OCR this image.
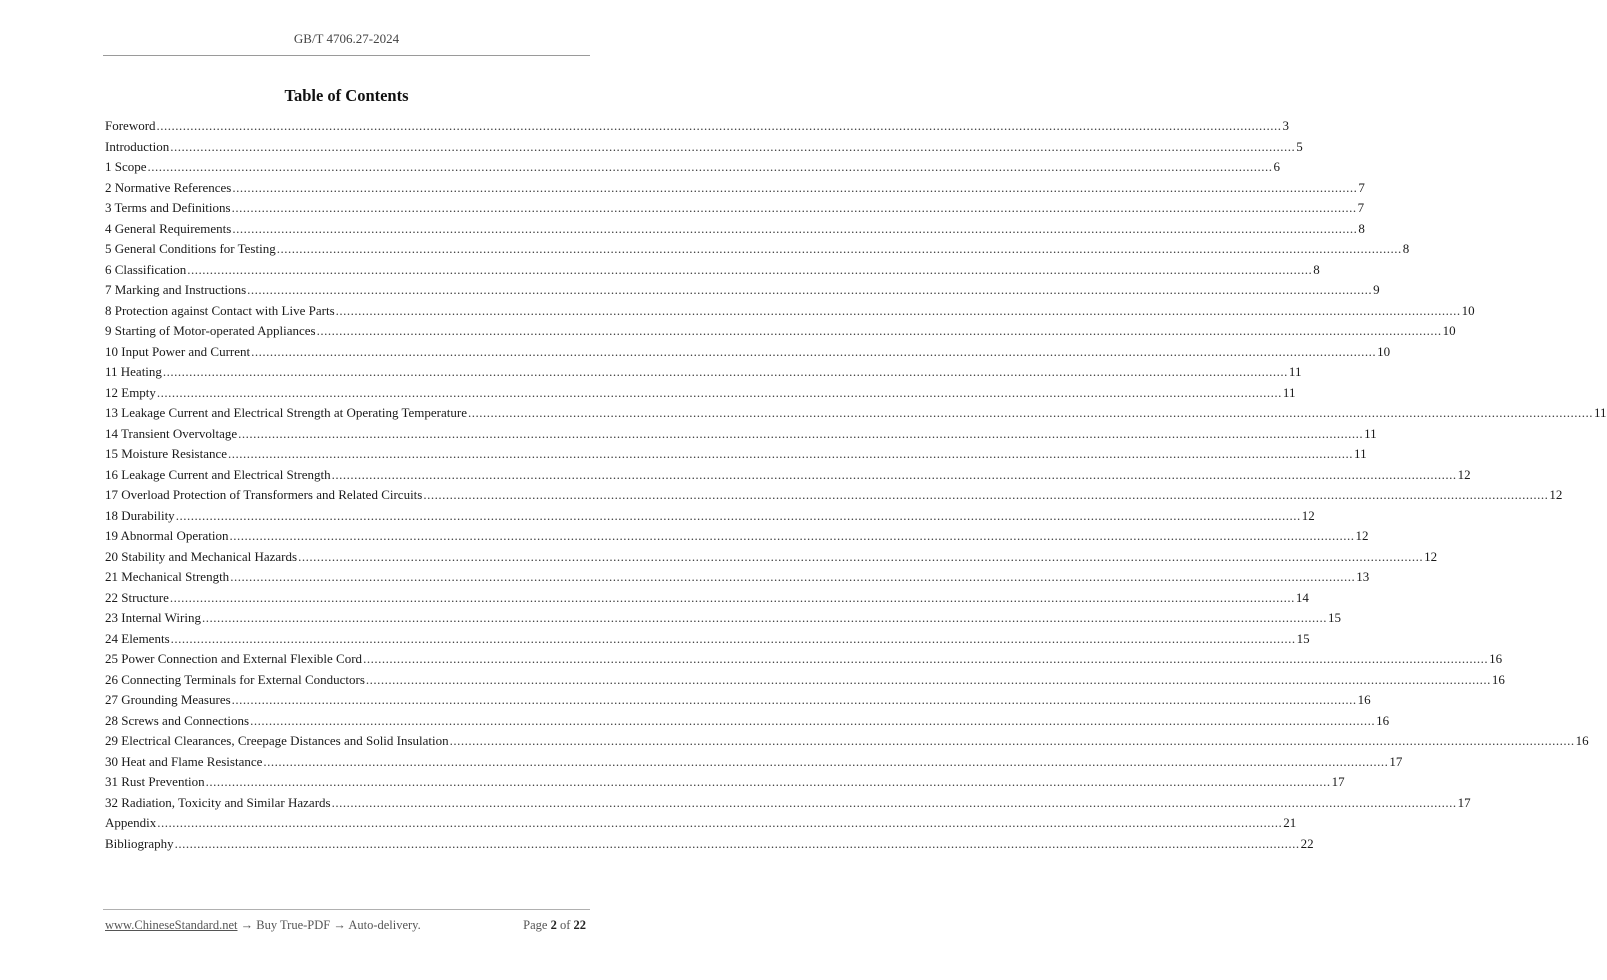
GB/T 4706.27-2024
Table of Contents
Foreword ............................................................................................................................................................................................................................................................................................................ 3
Introduction ............................................................................................................................................................................................................................................................................................................ 5
1 Scope ............................................................................................................................................................................................................................................................................................................ 6
2 Normative References ............................................................................................................................................................................................................................................................................................................ 7
3 Terms and Definitions ............................................................................................................................................................................................................................................................................................................ 7
4 General Requirements ............................................................................................................................................................................................................................................................................................................ 8
5 General Conditions for Testing ............................................................................................................................................................................................................................................................................................................ 8
6 Classification ............................................................................................................................................................................................................................................................................................................ 8
7 Marking and Instructions ............................................................................................................................................................................................................................................................................................................ 9
8 Protection against Contact with Live Parts ............................................................................................................................................................................................................................................................................................................ 10
9 Starting of Motor-operated Appliances ............................................................................................................................................................................................................................................................................................................ 10
10 Input Power and Current ............................................................................................................................................................................................................................................................................................................ 10
11 Heating ............................................................................................................................................................................................................................................................................................................ 11
12 Empty ............................................................................................................................................................................................................................................................................................................ 11
13 Leakage Current and Electrical Strength at Operating Temperature ............................................................................................................................................................................................................................................................................................................ 11
14 Transient Overvoltage ............................................................................................................................................................................................................................................................................................................ 11
15 Moisture Resistance ............................................................................................................................................................................................................................................................................................................ 11
16 Leakage Current and Electrical Strength ............................................................................................................................................................................................................................................................................................................ 12
17 Overload Protection of Transformers and Related Circuits ............................................................................................................................................................................................................................................................................................................ 12
18 Durability ............................................................................................................................................................................................................................................................................................................ 12
19 Abnormal Operation ............................................................................................................................................................................................................................................................................................................ 12
20 Stability and Mechanical Hazards ............................................................................................................................................................................................................................................................................................................ 12
21 Mechanical Strength ............................................................................................................................................................................................................................................................................................................ 13
22 Structure ............................................................................................................................................................................................................................................................................................................ 14
23 Internal Wiring ............................................................................................................................................................................................................................................................................................................ 15
24 Elements ............................................................................................................................................................................................................................................................................................................ 15
25 Power Connection and External Flexible Cord ............................................................................................................................................................................................................................................................................................................ 16
26 Connecting Terminals for External Conductors ............................................................................................................................................................................................................................................................................................................ 16
27 Grounding Measures ............................................................................................................................................................................................................................................................................................................ 16
28 Screws and Connections ............................................................................................................................................................................................................................................................................................................ 16
29 Electrical Clearances, Creepage Distances and Solid Insulation ............................................................................................................................................................................................................................................................................................................ 16
30 Heat and Flame Resistance ............................................................................................................................................................................................................................................................................................................ 17
31 Rust Prevention ............................................................................................................................................................................................................................................................................................................ 17
32 Radiation, Toxicity and Similar Hazards ............................................................................................................................................................................................................................................................................................................ 17
Appendix ............................................................................................................................................................................................................................................................................................................ 21
Bibliography ............................................................................................................................................................................................................................................................................................................ 22
www.ChineseStandard.net → Buy True-PDF → Auto-delivery.	Page 2 of 22
